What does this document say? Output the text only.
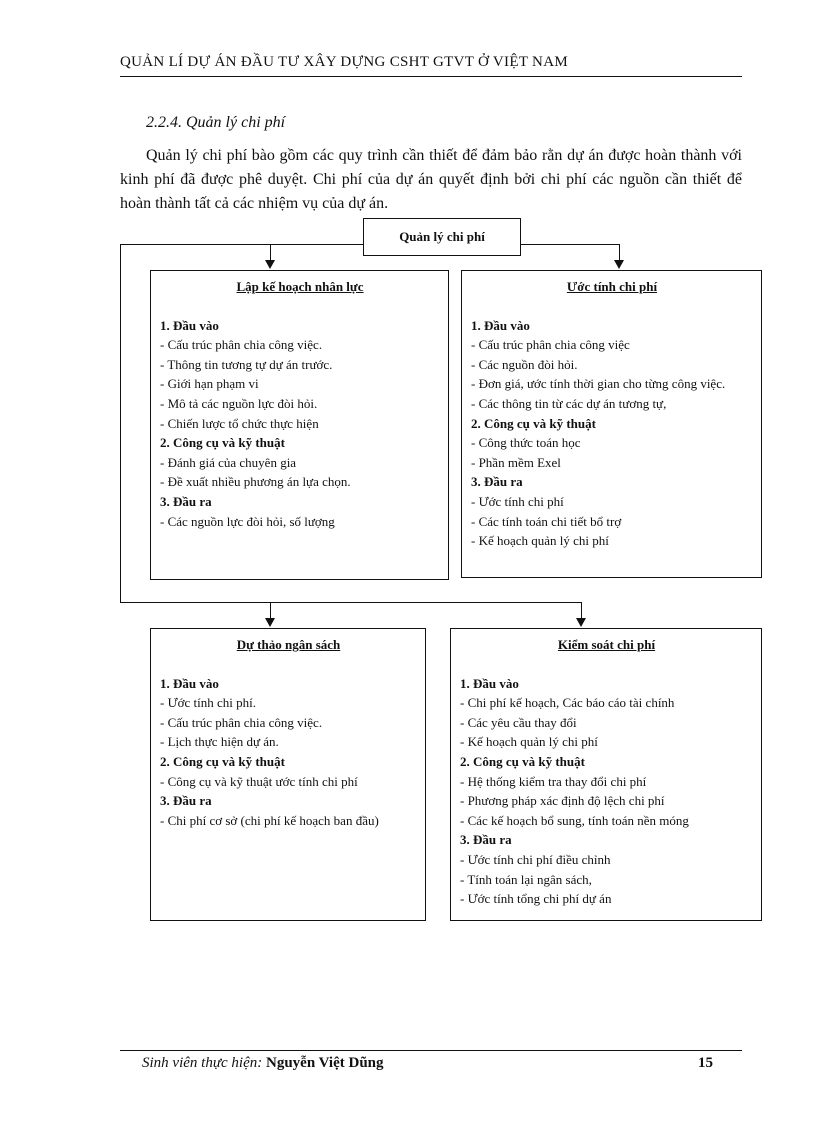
QUẢN LÍ DỰ ÁN ĐẦU TƯ XÂY DỰNG CSHT GTVT Ở VIỆT NAM
2.2.4. Quản lý chi phí

Quản lý chi phí bào gồm các quy trình cần thiết để đảm bảo rằn dự án được hoàn thành với kinh phí đã được phê duyệt. Chi phí của dự án quyết định bởi chi phí các nguồn cần thiết để hoàn thành tất cả các nhiệm vụ của dự án.

Quản lý chi phí
Lập kế hoạch nhân lực
1. Đầu vào
- Cấu trúc phân chia công việc.
- Thông tin tương tự dự án trước.
- Giới hạn phạm vi
- Mô tả các nguồn lực đòi hỏi.
- Chiến lược tổ chức thực hiện
2. Công cụ và kỹ thuật
- Đánh giá của chuyên gia
- Đề xuất nhiều phương án lựa chọn.
3. Đầu ra
- Các nguồn lực đòi hỏi, số lượng
Ước tính chi phí
1. Đầu vào
- Cấu trúc phân chia công việc
- Các nguồn đòi hỏi.
- Đơn giá, ước tính thời gian cho từng công việc.
- Các thông tin từ các dự án tương tự,
2. Công cụ và kỹ thuật
- Công thức toán học
- Phần mềm Exel
3. Đầu ra
- Ước tính chi phí
- Các tính toán chi tiết bổ trợ
- Kế hoạch quản lý chi phí
Dự thảo ngân sách
1. Đầu vào
- Ước tính chi phí.
- Cấu trúc phân chia công việc.
- Lịch thực hiện dự án.
2. Công cụ và kỹ thuật
- Công cụ và kỹ thuật ước tính chi phí
3. Đầu ra
- Chi phí cơ sở (chi phí kế hoạch ban đầu)
Kiểm soát chi phí
1. Đầu vào
- Chi phí kế hoạch, Các báo cáo tài chính
- Các yêu cầu thay đổi
- Kế hoạch quản lý chi phí
2. Công cụ và kỹ thuật
- Hệ thống kiểm tra thay đổi chi phí
- Phương pháp xác định độ lệch chi phí
- Các kế hoạch bổ sung, tính toán nền móng
3. Đầu ra
- Ước tính chi phí điều chỉnh
- Tính toán lại ngân sách,
- Ước tính tổng chi phí dự án
Sinh viên thực hiện: Nguyễn Việt Dũng	15
